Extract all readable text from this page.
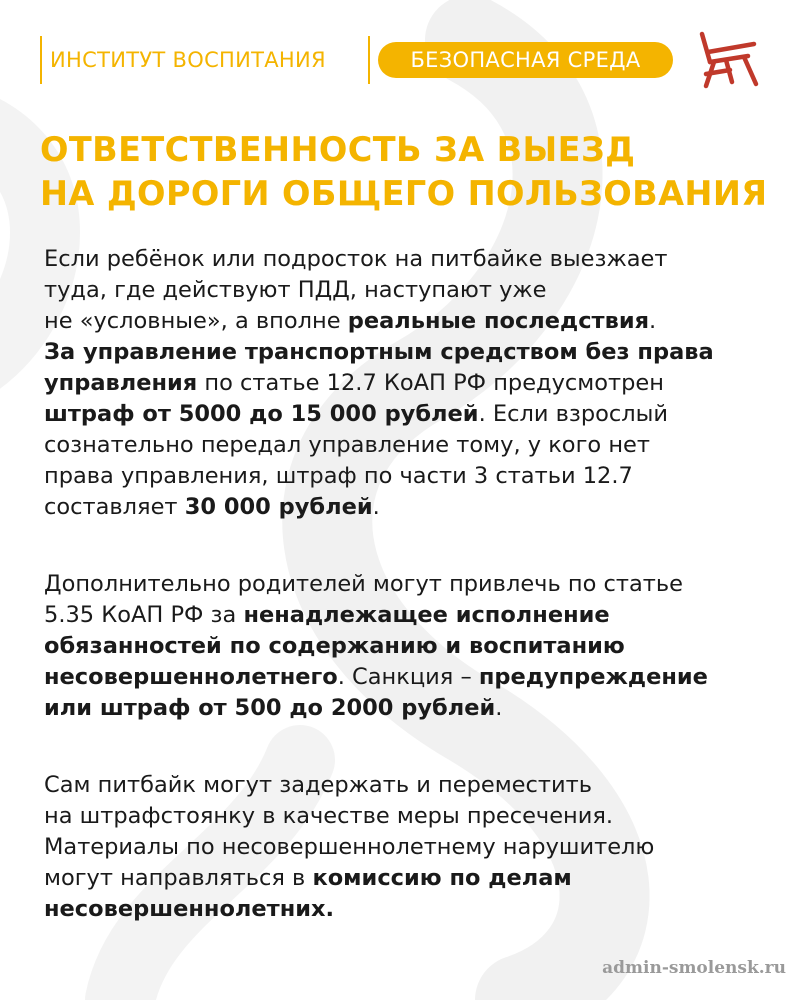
ИНСТИТУТ ВОСПИТАНИЯ	БЕЗОПАСНАЯ СРЕДА
ОТВЕТСТВЕННОСТЬ ЗА ВЫЕЗД
НА ДОРОГИ ОБЩЕГО ПОЛЬЗОВАНИЯ

Если ребёнок или подросток на питбайке выезжает
туда, где действуют ПДД, наступают уже
не «условные», а вполне реальные последствия.
За управление транспортным средством без права
управления по статье 12.7 КоАП РФ предусмотрен
штраф от 5000 до 15 000 рублей. Если взрослый
сознательно передал управление тому, у кого нет
права управления, штраф по части 3 статьи 12.7
составляет 30 000 рублей.

Дополнительно родителей могут привлечь по статье
5.35 КоАП РФ за ненадлежащее исполнение
обязанностей по содержанию и воспитанию
несовершеннолетнего. Санкция – предупреждение
или штраф от 500 до 2000 рублей.

Сам питбайк могут задержать и переместить
на штрафстоянку в качестве меры пресечения.
Материалы по несовершеннолетнему нарушителю
могут направляться в комиссию по делам
несовершеннолетних.

admin-smolensk.ru
